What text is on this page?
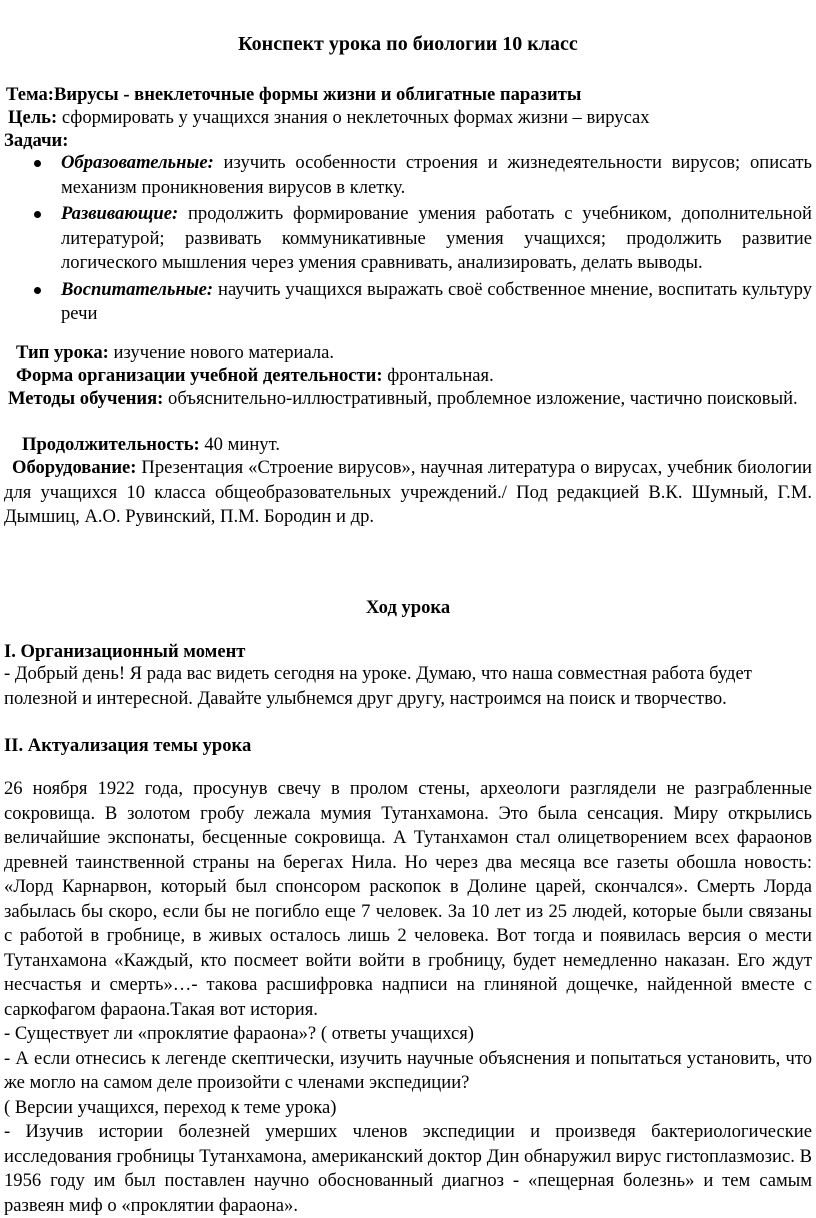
Конспект урока по биологии 10 класс
Тема:Вирусы - внеклеточные формы жизни и облигатные паразиты
Цель: сформировать у учащихся знания о неклеточных формах жизни – вирусах
Задачи:
Образовательные: изучить особенности строения и жизнедеятельности вирусов; описать механизм проникновения вирусов в клетку.
Развивающие: продолжить формирование умения работать с учебником, дополнительной литературой; развивать коммуникативные умения учащихся; продолжить развитие логического мышления через умения сравнивать, анализировать, делать выводы.
Воспитательные: научить учащихся выражать своё собственное мнение, воспитать культуру речи
Тип урока: изучение нового материала.
Форма организации учебной деятельности: фронтальная.
Методы обучения: объяснительно-иллюстративный, проблемное изложение, частично поисковый.
Продолжительность: 40 минут.
Оборудование: Презентация «Строение вирусов», научная литература о вирусах, учебник биологии для учащихся 10 класса общеобразовательных учреждений./ Под редакцией В.К. Шумный, Г.М. Дымшиц, А.О. Рувинский, П.М. Бородин и др.
Ход урока
I. Организационный момент
- Добрый день! Я рада вас видеть сегодня на уроке. Думаю, что наша совместная работа будет полезной и интересной. Давайте улыбнемся друг другу, настроимся на поиск и творчество.
II. Актуализация темы урока

26 ноября 1922 года, просунув свечу в пролом стены, археологи разглядели не разграбленные сокровища. В золотом гробу лежала мумия Тутанхамона. Это была сенсация. Миру открылись величайшие экспонаты, бесценные сокровища. А Тутанхамон стал олицетворением всех фараонов древней таинственной страны на берегах Нила. Но через два месяца все газеты обошла новость: «Лорд Карнарвон, который был спонсором раскопок в Долине царей, скончался». Смерть Лорда забылась бы скоро, если бы не погибло еще 7 человек. За 10 лет из 25 людей, которые были связаны с работой в гробнице, в живых осталось лишь 2 человека. Вот тогда и появилась версия о мести Тутанхамона «Каждый, кто посмеет войти войти в гробницу, будет немедленно наказан. Его ждут несчастья и смерть»…- такова расшифровка надписи на глиняной дощечке, найденной вместе с саркофагом фараона.Такая вот история.

- Существует ли «проклятие фараона»? ( ответы учащихся)

- А если отнесись к легенде скептически, изучить научные объяснения и попытаться установить, что же могло на самом деле произойти с членами экспедиции?

( Версии учащихся, переход к теме урока)

- Изучив истории болезней умерших членов экспедиции и произведя бактериологические исследования гробницы Тутанхамона, американский доктор Дин обнаружил вирус гистоплазмозис. В 1956 году им был поставлен научно обоснованный диагноз - «пещерная болезнь» и тем самым развеян миф о «проклятии фараона».
